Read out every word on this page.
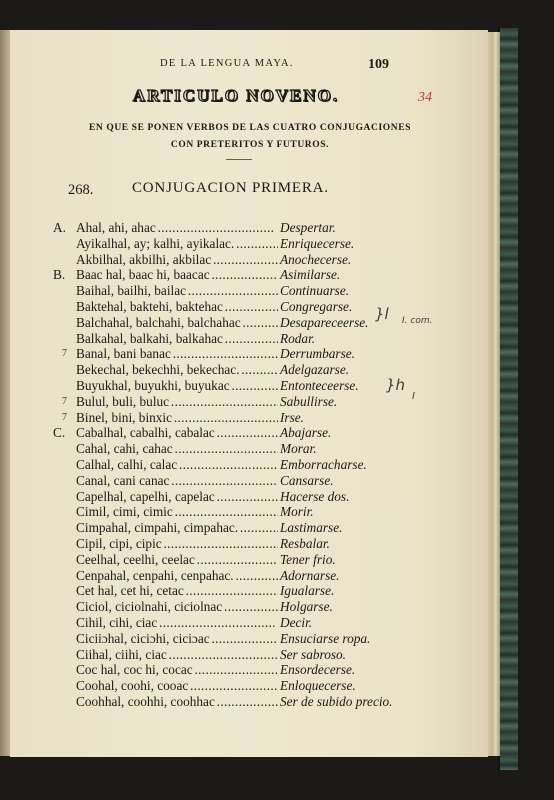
DE LA LENGUA MAYA.	109
ARTICULO NOVENO.	34
EN QUE SE PONEN VERBOS DE LAS CUATRO CONJUGACIONES
CON PRETERITOS Y FUTUROS.
268.	CONJUGACION PRIMERA.
A. Ahal, ahi, ahac . . .	Despertar.
Ayikalhal, ay; kalhi, ayikalac. . . .	Enriquecerse.
Akbilhal, akbilhi, akbilac . . .	Anochecerse.
B. Baac hal, baac hi, baacac . . .	Asimilarse.
Baihal, bailhi, bailac . . .	Continuarse.
Baktehal, baktehi, baktehac . . .	Congregarse.
Balchahal, balchahi, balchahac . . .	Desapareceerse.
Balkahal, balkahi, balkahac . . .	Rodar.
7 Banal, bani banac . . .	Derrumbarse.
Bekechal, bekechhi, bekechac. . . .	Adelgazarse.
Buyukhal, buyukhi, buyukac . . .	Entonteceerse.
7 Bulul, buli, buluc . . .	Sabullirse.
7 Binel, bini, binxic . . .	Irse.
C. Cabalhal, cabalhi, cabalac . . .	Abajarse.
Cahal, cahi, cahac . . .	Morar.
Calhal, calhi, calac . . .	Emborracharse.
Canal, cani canac . . .	Cansarse.
Capelhal, capelhi, capelac . . .	Hacerse dos.
Cimil, cimi, cimic . . .	Morir.
Cimpahal, cimpahi, cimpahac. . . .	Lastimarse.
Cipil, cipi, cipic . . .	Resbalar.
Ceelhal, ceelhi, ceelac . . .	Tener frio.
Cenpahal, cenpahi, cenpahac. . . .	Adornarse.
Cet hal, cet hi, cetac . . .	Igualarse.
Ciciol, ciciolnahi, ciciolnac . . .	Holgarse.
Cihil, cihi, ciac . . .	Decir.
Ciciiɔhal, ciciɔhi, ciciɔac . . .	Ensuciarse ropa.
Ciihal, ciihi, ciac . . .	Ser sabroso.
Coc hal, coc hi, cocac . . .	Ensordecerse.
Coohal, coohi, cooac . . .	Enloquecerse.
Coohhal, coohhi, coohhac . . .	Ser de subido precio.
}l I. com.
}h
I
